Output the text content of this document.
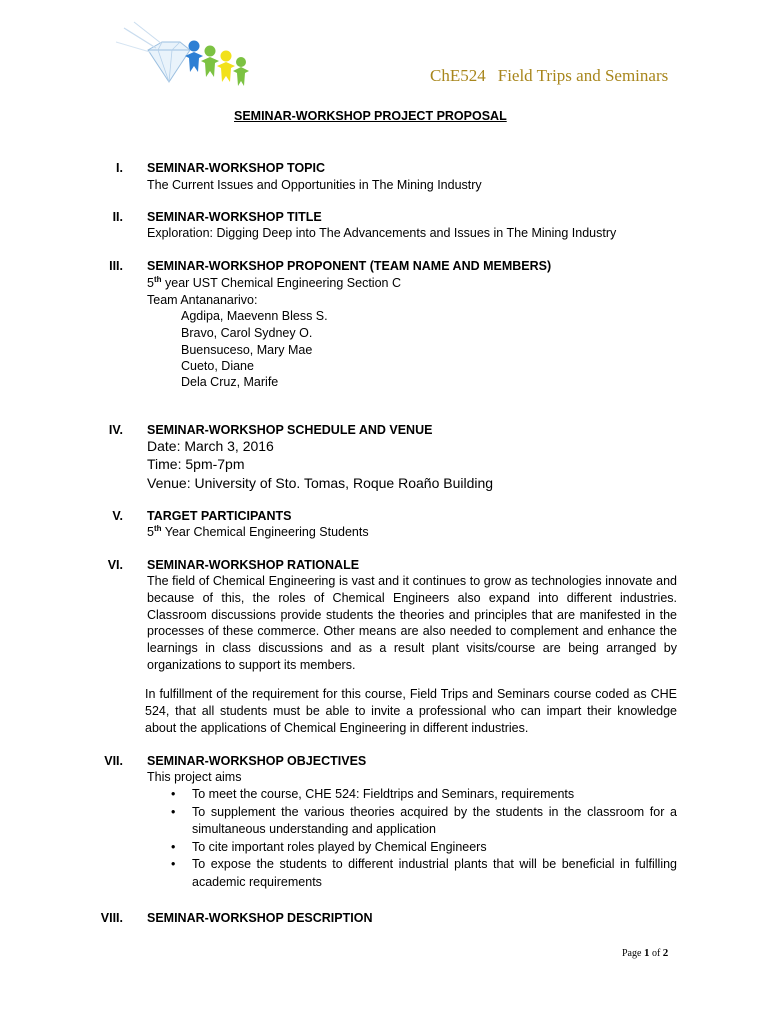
ChE524 Field Trips and Seminars
SEMINAR-WORKSHOP PROJECT PROPOSAL
I. SEMINAR-WORKSHOP TOPIC
The Current Issues and Opportunities in The Mining Industry
II. SEMINAR-WORKSHOP TITLE
Exploration: Digging Deep into The Advancements and Issues in The Mining Industry
III. SEMINAR-WORKSHOP PROPONENT (TEAM NAME AND MEMBERS)
5th year UST Chemical Engineering Section C
Team Antananarivo:
Agdipa, Maevenn Bless S.
Bravo, Carol Sydney O.
Buensuceso, Mary Mae
Cueto, Diane
Dela Cruz, Marife
IV. SEMINAR-WORKSHOP SCHEDULE AND VENUE
Date: March 3, 2016
Time: 5pm-7pm
Venue: University of Sto. Tomas, Roque Roaño Building
V. TARGET PARTICIPANTS
5th Year Chemical Engineering Students
VI. SEMINAR-WORKSHOP RATIONALE

The field of Chemical Engineering is vast and it continues to grow as technologies innovate and because of this, the roles of Chemical Engineers also expand into different industries. Classroom discussions provide students the theories and principles that are manifested in the processes of these commerce. Other means are also needed to complement and enhance the learnings in class discussions and as a result plant visits/course are being arranged by organizations to support its members.

In fulfillment of the requirement for this course, Field Trips and Seminars course coded as CHE 524, that all students must be able to invite a professional who can impart their knowledge about the applications of Chemical Engineering in different industries.

VII. SEMINAR-WORKSHOP OBJECTIVES
This project aims
• To meet the course, CHE 524: Fieldtrips and Seminars, requirements
• To supplement the various theories acquired by the students in the classroom for a simultaneous understanding and application
• To cite important roles played by Chemical Engineers
• To expose the students to different industrial plants that will be beneficial in fulfilling academic requirements
VIII. SEMINAR-WORKSHOP DESCRIPTION
Page 1 of 2
